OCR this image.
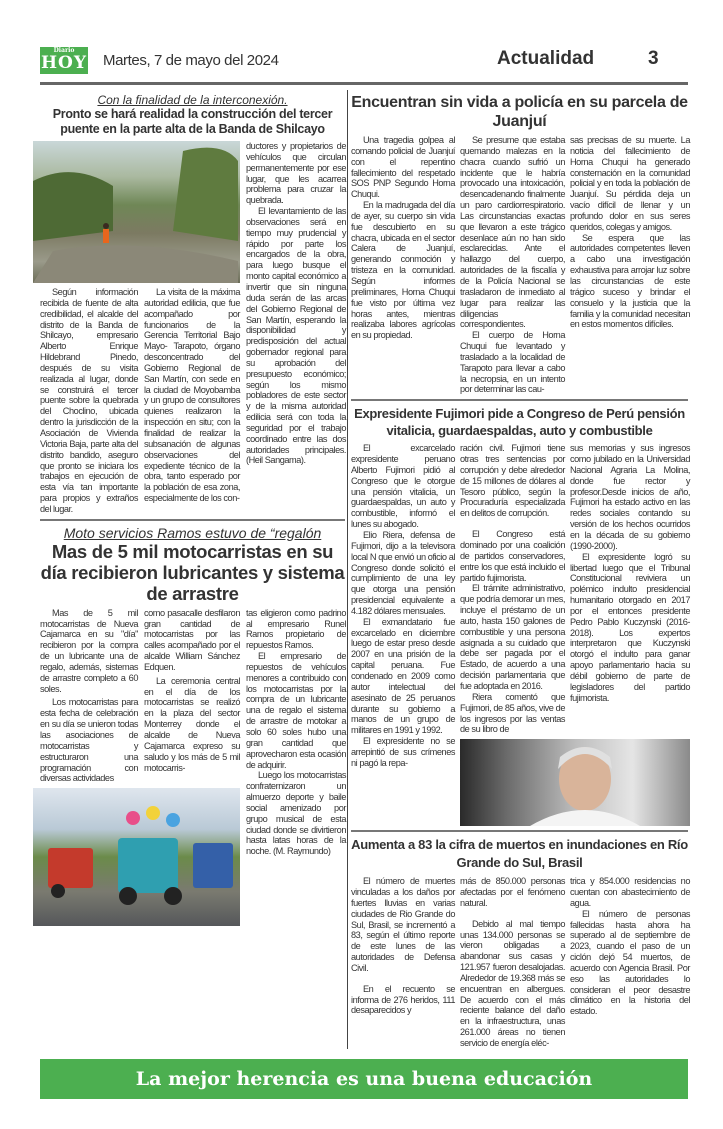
Diario
HOY Martes, 7 de mayo del 2024	Actualidad	3
Con la finalidad de la interconexión.
Pronto se hará realidad la construcción del tercer puente en la parte alta de la Banda de Shilcayo

Según información recibida de fuente de alta credibilidad, el alcalde del distrito de la Banda de Shilcayo, empresario Alberto Enrique Hildebrand Pinedo, después de su visita realizada al lugar, donde se construirá el tercer puente sobre la quebrada del Choclino, ubicada dentro la jurisdicción de la Asociación de Vivienda Victoria Baja, parte alta del distrito bandido, aseguro que pronto se iniciara los trabajos en ejecución de esta vía tan importante para propios y extraños del lugar.

La visita de la máxima autoridad edilicia, que fue acompañado por funcionarios de la Gerencia Territorial Bajo Mayo- Tarapoto, órgano desconcentrado del Gobierno Regional de San Martín, con sede en la ciudad de Moyobamba y un grupo de consultores quienes realizaron la inspección en situ; con la finalidad de realizar la subsanación de algunas observaciones del expediente técnico de la obra, tanto esperado por la población de esa zona, especialmente de los con-

ductores y propietarios de vehículos que circulan permanentemente por ese lugar, que les acarrea problema para cruzar la quebrada.

El levantamiento de las observaciones será en tiempo muy prudencial y rápido por parte los encargados de la obra, para luego busque el monto capital económico a invertir que sin ninguna duda serán de las arcas del Gobierno Regional de San Martín, esperando la disponibilidad y predisposición del actual gobernador regional para su aprobación del presupuesto económico; según los mismo pobladores de este sector y de la misma autoridad edilicia será con toda la seguridad por el trabajo coordinado entre las dos autoridades principales. (Heil Sangama).

Moto servicios Ramos estuvo de “regalón
Mas de 5 mil motocarristas en su día recibieron lubricantes y sistema de arrastre

Mas de 5 mil motocarristas de Nueva Cajamarca en su "día" recibieron por la compra de un lubricante una de regalo, además, sistemas de arrastre completo a 60 soles.

Los motocarristas para esta fecha de celebración en su día se unieron todas las asociaciones de motocarristas y estructuraron una programación con diversas actividades

como pasacalle desfilaron gran cantidad de motocarristas por las calles acompañado por el alcalde William Sánchez Edquen.

La ceremonia central en el día de los motocarristas se realizó en la plaza del sector Monterrey donde el alcalde de Nueva Cajamarca expreso su saludo y los más de 5 mil motocarris-

tas eligieron como padrino al empresario Runel Ramos propietario de repuestos Ramos.

El empresario de repuestos de vehículos menores a contribuido con los motocarristas por la compra de un lubricante una de regalo el sistema de arrastre de motokar a solo 60 soles hubo una gran cantidad que aprovecharon esta ocasión de adquirir.

Luego los motocarristas confraternizaron un almuerzo deporte y baile social amenizado por grupo musical de esta ciudad donde se divirtieron hasta latas horas de la noche. (M. Raymundo)

Encuentran sin vida a policía en su parcela de Juanjuí

Una tragedia golpea al comando policial de Juanjuí con el repentino fallecimiento del respetado SOS PNP Segundo Horna Chuqui.

En la madrugada del día de ayer, su cuerpo sin vida fue descubierto en su chacra, ubicada en el sector Calera de Juanjuí, generando conmoción y tristeza en la comunidad. Según informes preliminares, Horna Chuqui fue visto por última vez horas antes, mientras realizaba labores agrícolas en su propiedad.

Se presume que estaba quemando malezas en la chacra cuando sufrió un incidente que le habría provocado una intoxicación, desencadenando finalmente un paro cardiorrespiratorio. Las circunstancias exactas que llevaron a este trágico desenlace aún no han sido esclarecidas. Ante el hallazgo del cuerpo, autoridades de la fiscalía y de la Policía Nacional se trasladaron de inmediato al lugar para realizar las diligencias correspondientes.

El cuerpo de Horna Chuqui fue levantado y trasladado a la localidad de Tarapoto para llevar a cabo la necropsia, en un intento por determinar las cau-

sas precisas de su muerte. La noticia del fallecimiento de Horna Chuqui ha generado consternación en la comunidad policial y en toda la población de Juanjuí. Su pérdida deja un vacío difícil de llenar y un profundo dolor en sus seres queridos, colegas y amigos.

Se espera que las autoridades competentes lleven a cabo una investigación exhaustiva para arrojar luz sobre las circunstancias de este trágico suceso y brindar el consuelo y la justicia que la familia y la comunidad necesitan en estos momentos difíciles.

Expresidente Fujimori pide a Congreso de Perú pensión vitalicia, guardaespaldas, auto y combustible

El excarcelado expresidente peruano Alberto Fujimori pidió al Congreso que le otorgue una pensión vitalicia, un guardaespaldas, un auto y combustible, informó el lunes su abogado.

Elio Riera, defensa de Fujimori, dijo a la televisora local N que envió un oficio al Congreso donde solicitó el cumplimiento de una ley que otorga una pensión presidencial equivalente a 4.182 dólares mensuales.

El exmandatario fue excarcelado en diciembre luego de estar preso desde 2007 en una prisión de la capital peruana. Fue condenado en 2009 como autor intelectual del asesinato de 25 peruanos durante su gobierno a manos de un grupo de militares en 1991 y 1992.

El expresidente no se arrepintió de sus crímenes ni pagó la repa-

ración civil. Fujimori tiene otras tres sentencias por corrupción y debe alrededor de 15 millones de dólares al Tesoro público, según la Procuraduría especializada en delitos de corrupción.

El Congreso está dominado por una coalición de partidos conservadores, entre los que está incluido el partido fujimorista.

El trámite administrativo, que podría demorar un mes, incluye el préstamo de un auto, hasta 150 galones de combustible y una persona asignada a su cuidado que debe ser pagada por el Estado, de acuerdo a una decisión parlamentaria que fue adoptada en 2016.

Riera comentó que Fujimori, de 85 años, vive de los ingresos por las ventas de su libro de

sus memorias y sus ingresos como jubilado en la Universidad Nacional Agraria La Molina, donde fue rector y profesor.Desde inicios de año, Fujimori ha estado activo en las redes sociales contando su versión de los hechos ocurridos en la década de su gobierno (1990-2000).

El expresidente logró su libertad luego que el Tribunal Constitucional reviviera un polémico indulto presidencial humanitario otorgado en 2017 por el entonces presidente Pedro Pablo Kuczynski (2016-2018). Los expertos interpretaron que Kuczynski otorgó el indulto para ganar apoyo parlamentario hacia su débil gobierno de parte de legisladores del partido fujimorista.

Aumenta a 83 la cifra de muertos en inundaciones en Río Grande do Sul, Brasil

El número de muertes vinculadas a los daños por fuertes lluvias en varias ciudades de Rio Grande do Sul, Brasil, se incrementó a 83, según el último reporte de este lunes de las autoridades de Defensa Civil.

En el recuento se informa de 276 heridos, 111 desaparecidos y

más de 850.000 personas afectadas por el fenómeno natural.

Debido al mal tiempo unas 134.000 personas se vieron obligadas a abandonar sus casas y 121.957 fueron desalojadas. Alrededor de 19.368 más se encuentran en albergues. De acuerdo con el más reciente balance del daño en la infraestructura, unas 261.000 áreas no tienen servicio de energía eléc-

trica y 854.000 residencias no cuentan con abastecimiento de agua.

El número de personas fallecidas hasta ahora ha superado al de septiembre de 2023, cuando el paso de un ciclón dejó 54 muertos, de acuerdo con Agencia Brasil. Por eso las autoridades lo consideran el peor desastre climático en la historia del estado.

La mejor herencia es una buena educación
